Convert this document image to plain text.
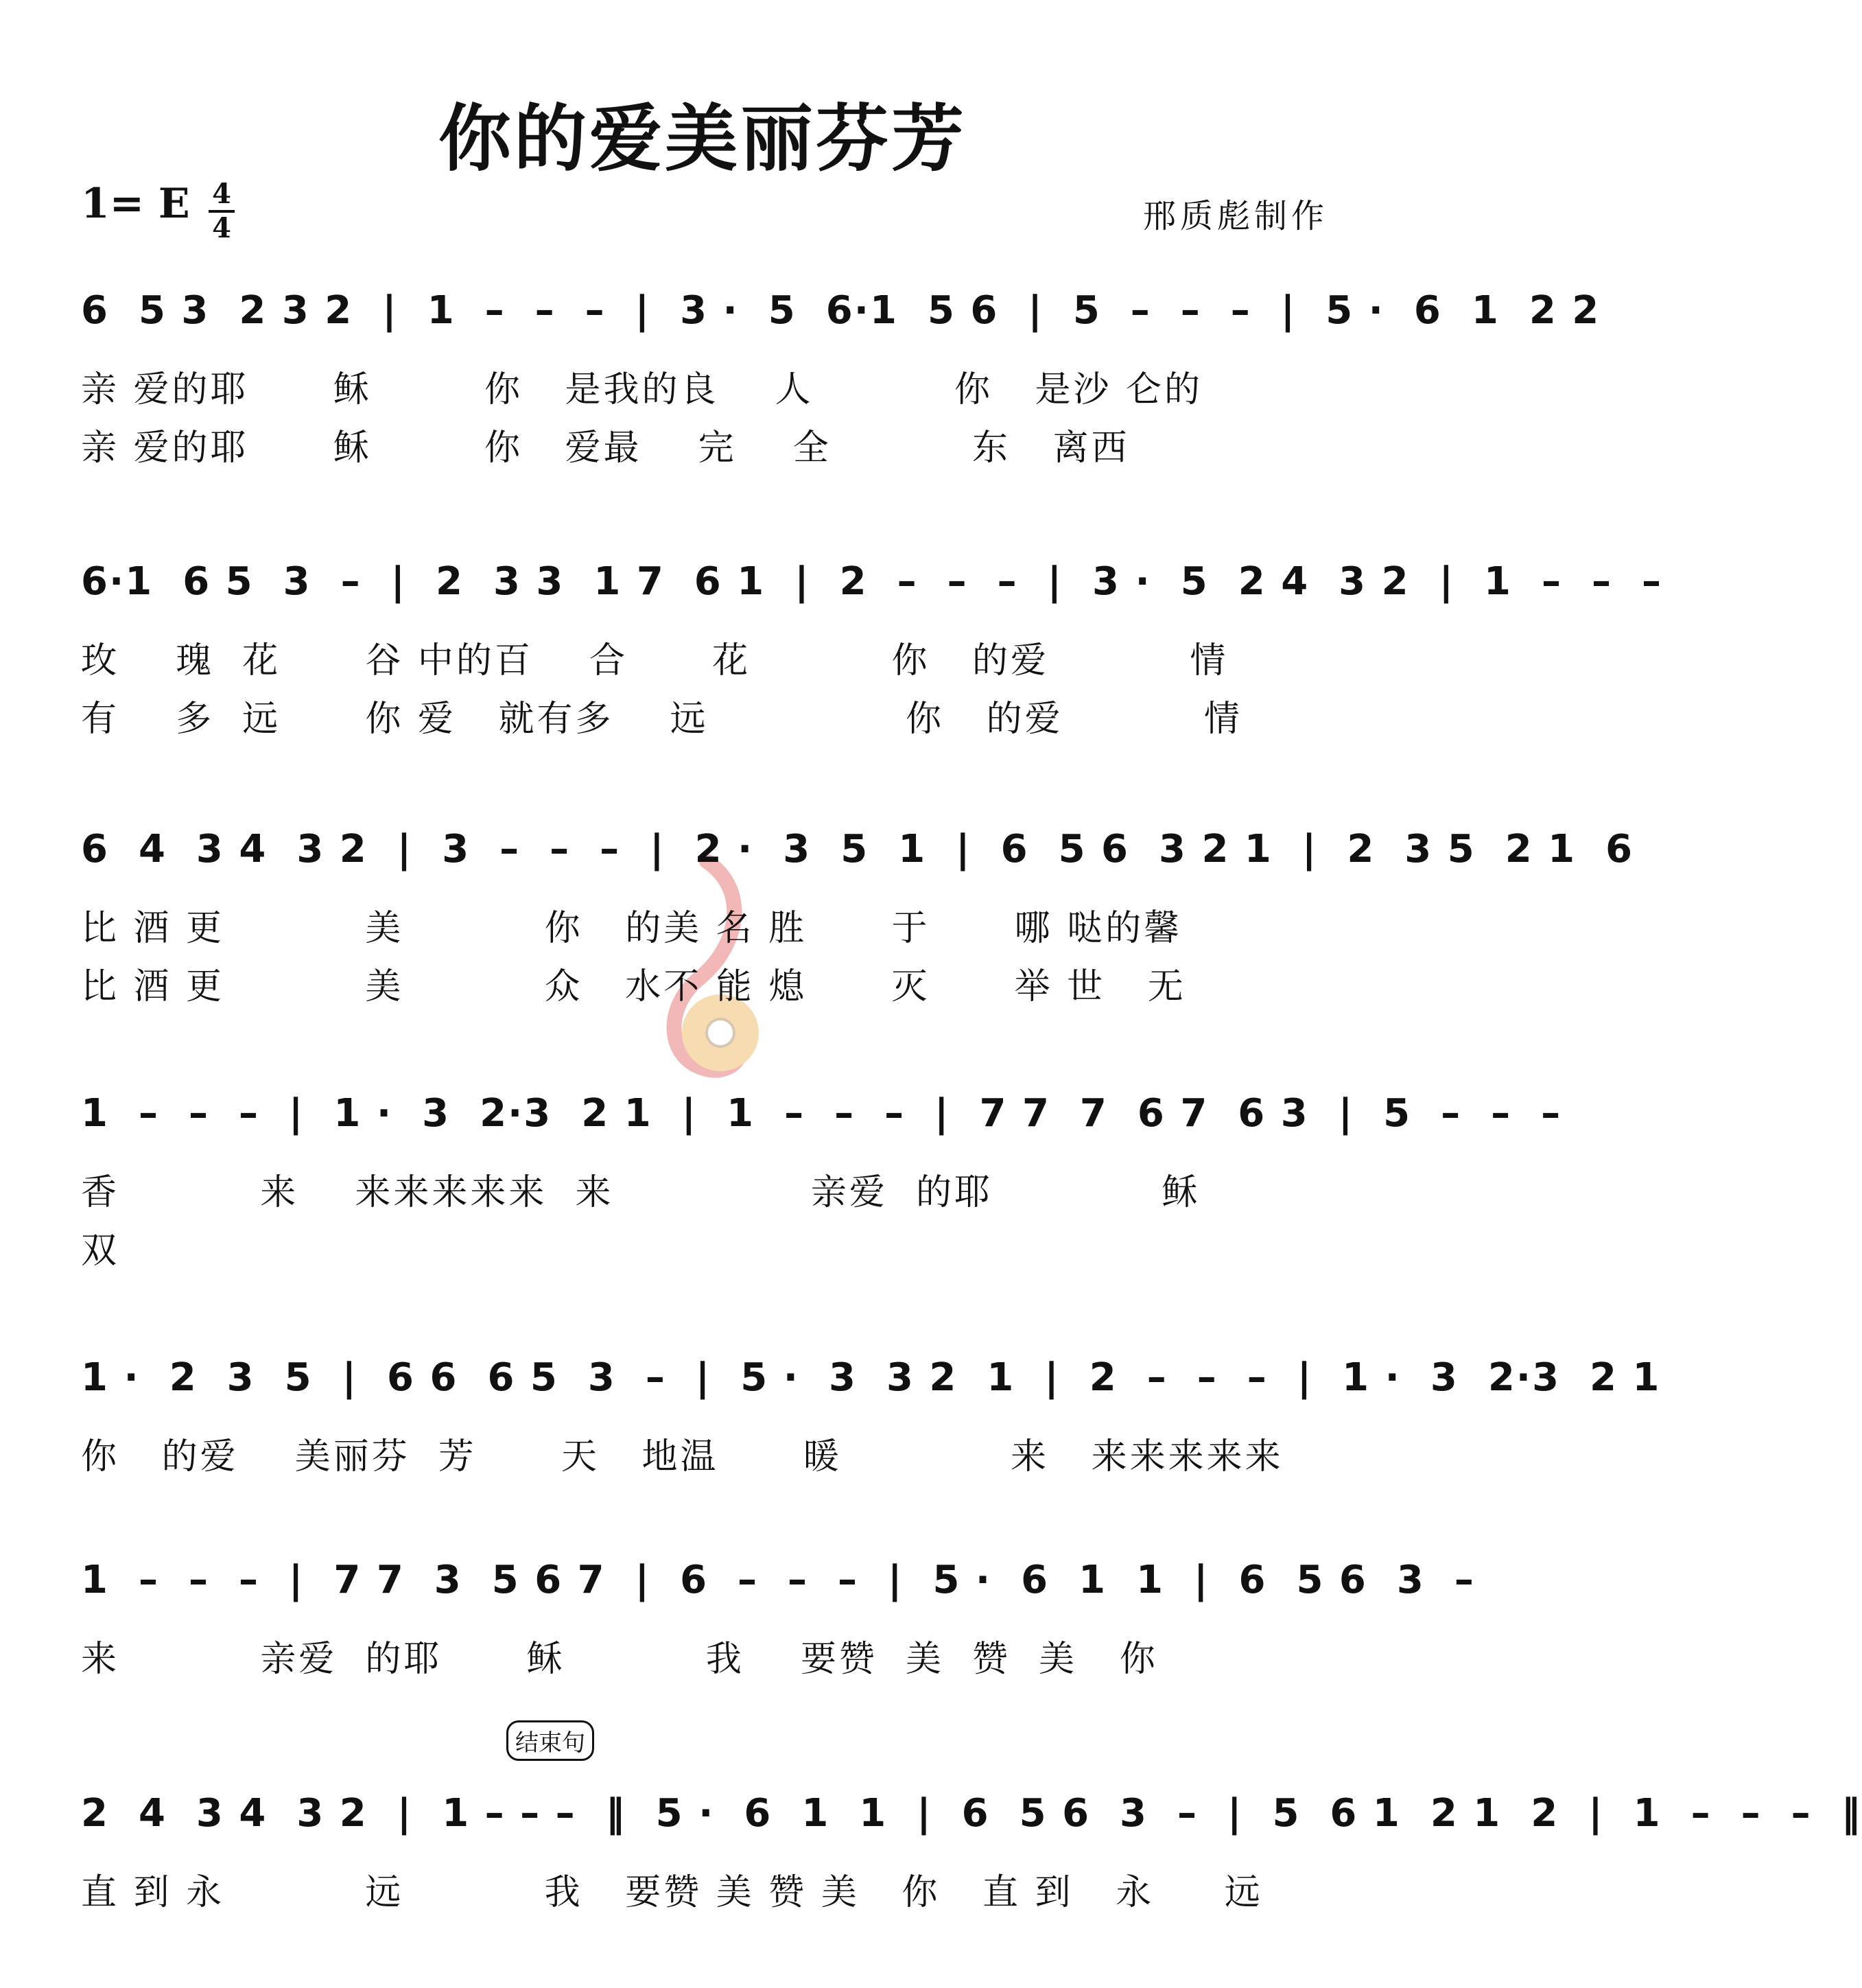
你的爱美丽芬芳
1= E 4
4	邢质彪制作
结束句
6  5 3  2 3 2  |  1  –  –  –  |  3 ·  5  6·1  5 6  |  5  –  –  –  |  5 ·  6  1  2 2
亲 爱的耶      稣        你   是我的良    人          你   是沙 仑的
亲 爱的耶      稣        你   爱最    完    全          东   离西
6·1  6 5  3  –  |  2  3 3  1 7  6 1  |  2  –  –  –  |  3 ·  5  2 4  3 2  |  1  –  –  –
玫    瑰  花      谷 中的百    合      花          你   的爱          情
有    多  远      你 爱   就有多    远              你   的爱          情
6  4  3 4  3 2  |  3  –  –  –  |  2 ·  3  5  1  |  6  5 6  3 2 1  |  2  3 5  2 1  6
比 酒 更          美          你   的美 名 胜      于      哪 哒的馨
比 酒 更          美          众   水不 能 熄      灭      举 世   无
1  –  –  –  |  1 ·  3  2·3  2 1  |  1  –  –  –  |  7 7  7  6 7  6 3  |  5  –  –  –
香          来    来来来来来  来              亲爱  的耶            稣
双
1 ·  2  3  5  |  6 6  6 5  3  –  |  5 ·  3  3 2  1  |  2  –  –  –  |  1 ·  3  2·3  2 1
你   的爱    美丽芬  芳      天   地温      暖            来   来来来来来
1  –  –  –  |  7 7  3  5 6 7  |  6  –  –  –  |  5 ·  6  1  1  |  6  5 6  3  –
来          亲爱  的耶      稣          我    要赞  美  赞  美   你
2  4  3 4  3 2  |  1 – – –  ‖  5 ·  6  1  1  |  6  5 6  3  –  |  5  6 1  2 1  2  |  1  –  –  –  ‖
直 到 永          远          我   要赞 美 赞 美   你   直 到   永     远
